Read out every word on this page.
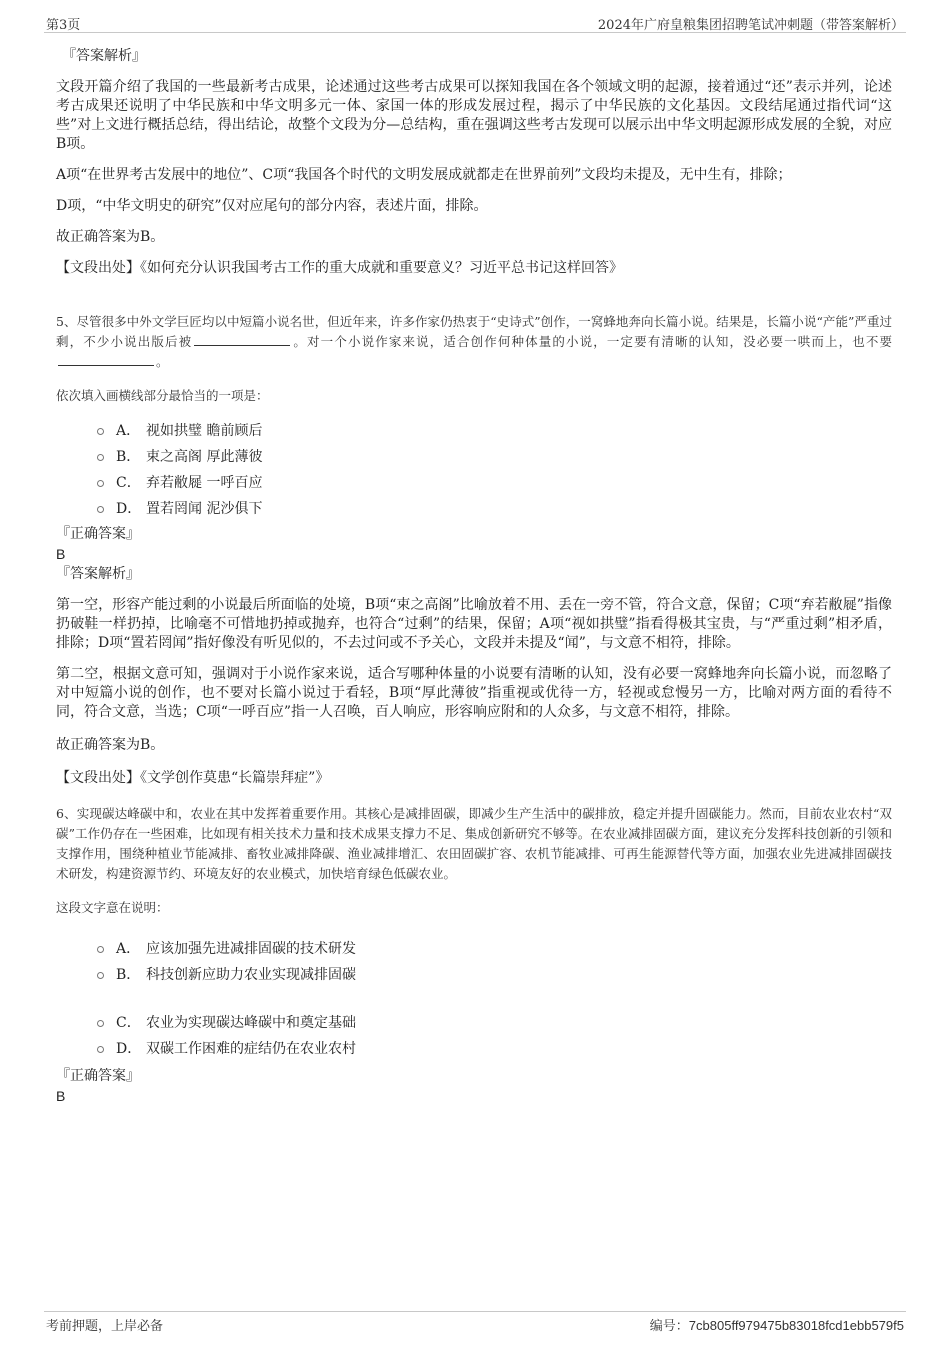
第3页	2024年广府皇粮集团招聘笔试冲刺题（带答案解析）

『答案解析』

文段开篇介绍了我国的一些最新考古成果，论述通过这些考古成果可以探知我国在各个领域文明的起源，接着通过“还”表示并列，论述考古成果还说明了中华民族和中华文明多元一体、家国一体的形成发展过程，揭示了中华民族的文化基因。文段结尾通过指代词“这些”对上文进行概括总结，得出结论，故整个文段为分—总结构，重在强调这些考古发现可以展示出中华文明起源形成发展的全貌，对应B项。

A项“在世界考古发展中的地位”、C项“我国各个时代的文明发展成就都走在世界前列”文段均未提及，无中生有，排除；

D项，“中华文明史的研究”仅对应尾句的部分内容，表述片面，排除。

故正确答案为B。

【文段出处】《如何充分认识我国考古工作的重大成就和重要意义？习近平总书记这样回答》

5、尽管很多中外文学巨匠均以中短篇小说名世，但近年来，许多作家仍热衷于“史诗式”创作，一窝蜂地奔向长篇小说。结果是，长篇小说“产能”严重过剩，不少小说出版后被	。对一个小说作家来说，适合创作何种体量的小说，一定要有清晰的认知，没必要一哄而上，也不要。

依次填入画横线部分最恰当的一项是：

A． 视如拱璧 瞻前顾后
B． 束之高阁 厚此薄彼
C． 弃若敝屣 一呼百应
D． 置若罔闻 泥沙俱下

『正确答案』

B

『答案解析』

第一空，形容产能过剩的小说最后所面临的处境，B项“束之高阁”比喻放着不用、丢在一旁不管，符合文意，保留；C项“弃若敝屣”指像扔破鞋一样扔掉，比喻毫不可惜地扔掉或抛弃，也符合“过剩”的结果，保留；A项“视如拱璧”指看得极其宝贵，与“严重过剩”相矛盾，排除；D项“置若罔闻”指好像没有听见似的，不去过问或不予关心，文段并未提及“闻”，与文意不相符，排除。

第二空，根据文意可知，强调对于小说作家来说，适合写哪种体量的小说要有清晰的认知，没有必要一窝蜂地奔向长篇小说，而忽略了对中短篇小说的创作，也不要对长篇小说过于看轻，B项“厚此薄彼”指重视或优待一方，轻视或怠慢另一方，比喻对两方面的看待不同，符合文意，当选；C项“一呼百应”指一人召唤，百人响应，形容响应附和的人众多，与文意不相符，排除。

故正确答案为B。

【文段出处】《文学创作莫患“长篇崇拜症”》

6、实现碳达峰碳中和，农业在其中发挥着重要作用。其核心是减排固碳，即减少生产生活中的碳排放，稳定并提升固碳能力。然而，目前农业农村“双碳”工作仍存在一些困难，比如现有相关技术力量和技术成果支撑力不足、集成创新研究不够等。在农业减排固碳方面，建议充分发挥科技创新的引领和支撑作用，围绕种植业节能减排、畜牧业减排降碳、渔业减排增汇、农田固碳扩容、农机节能减排、可再生能源替代等方面，加强农业先进减排固碳技术研发，构建资源节约、环境友好的农业模式，加快培育绿色低碳农业。

这段文字意在说明：

A． 应该加强先进减排固碳的技术研发
B． 科技创新应助力农业实现减排固碳
C． 农业为实现碳达峰碳中和奠定基础
D． 双碳工作困难的症结仍在农业农村

『正确答案』

B

考前押题，上岸必备	编号：7cb805ff979475b83018fcd1ebb579f5
